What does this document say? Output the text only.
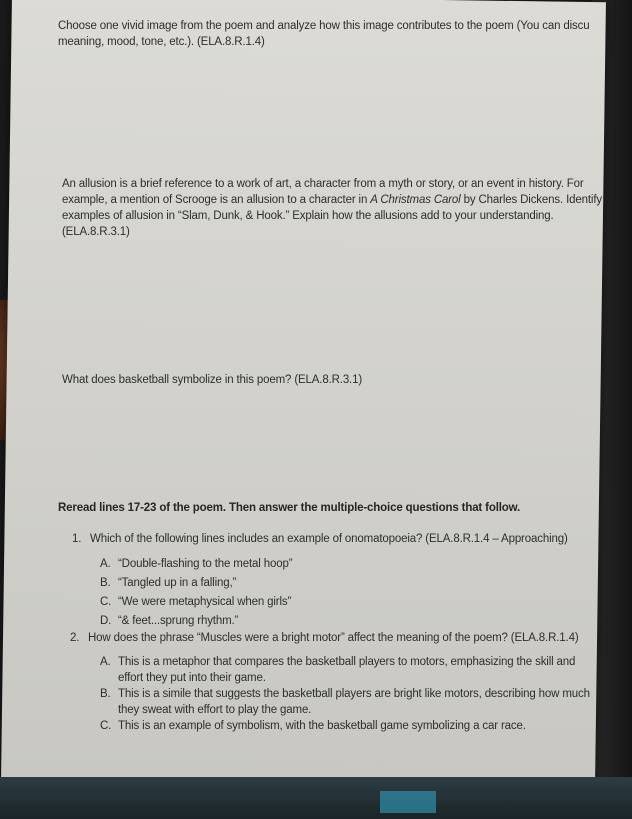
Choose one vivid image from the poem and analyze how this image contributes to the poem (You can discu
meaning, mood, tone, etc.). (ELA.8.R.1.4)
An allusion is a brief reference to a work of art, a character from a myth or story, or an event in history. For
example, a mention of Scrooge is an allusion to a character in A Christmas Carol by Charles Dickens. Identify
examples of allusion in “Slam, Dunk, & Hook.” Explain how the allusions add to your understanding.
(ELA.8.R.3.1)
What does basketball symbolize in this poem? (ELA.8.R.3.1)
Reread lines 17-23 of the poem. Then answer the multiple-choice questions that follow.
1. Which of the following lines includes an example of onomatopoeia? (ELA.8.R.1.4 – Approaching)
A. “Double-flashing to the metal hoop”
B. “Tangled up in a falling,”
C. “We were metaphysical when girls”
D. “& feet...sprung rhythm.”
2. How does the phrase “Muscles were a bright motor” affect the meaning of the poem? (ELA.8.R.1.4)
A. This is a metaphor that compares the basketball players to motors, emphasizing the skill and
effort they put into their game.
B. This is a simile that suggests the basketball players are bright like motors, describing how much
they sweat with effort to play the game.
C. This is an example of symbolism, with the basketball game symbolizing a car race.
